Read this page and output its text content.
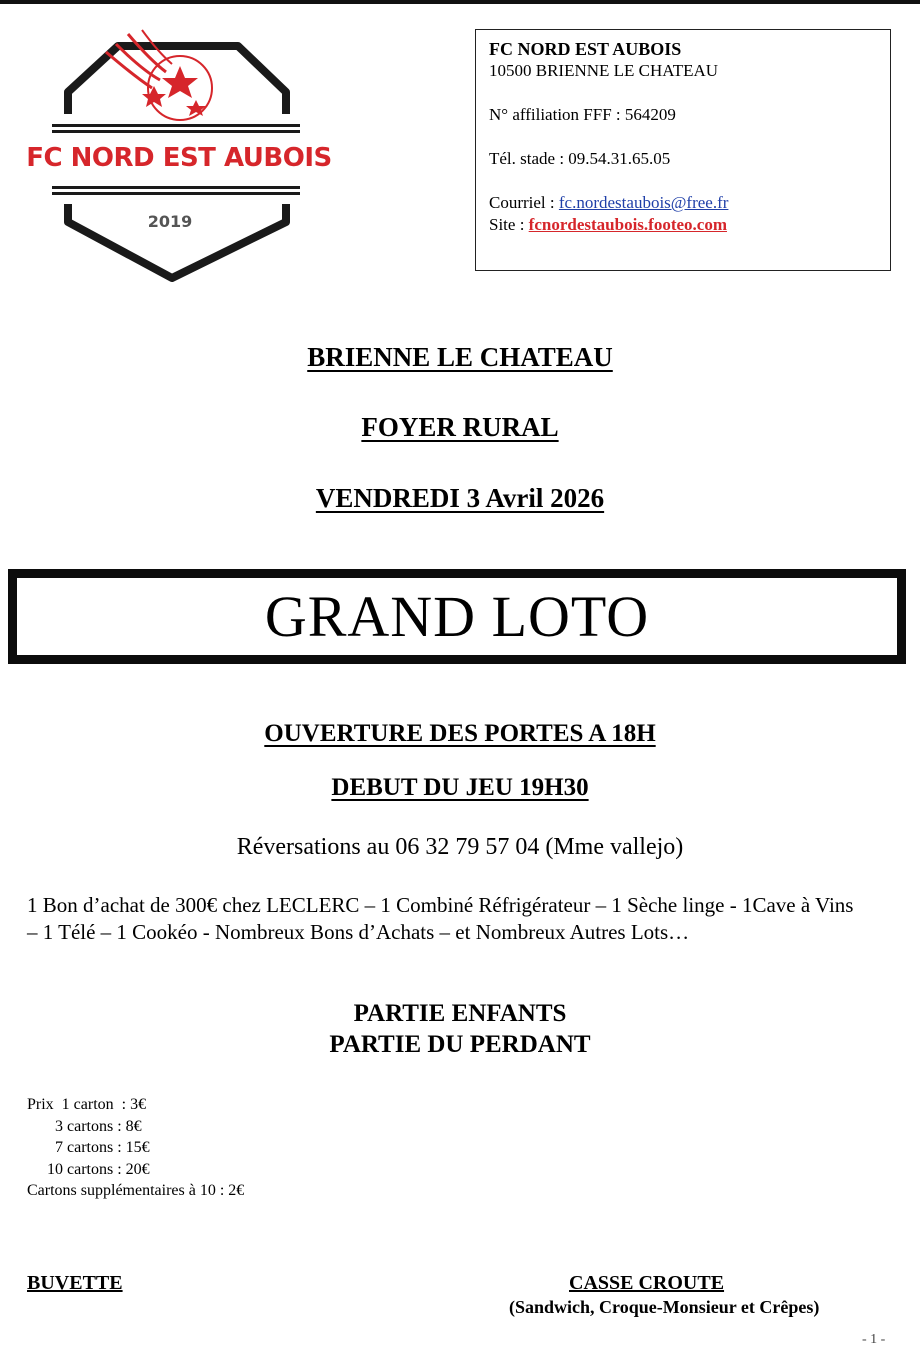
FC NORD EST AUBOIS
2019
FC NORD EST AUBOIS
10500 BRIENNE LE CHATEAU
N° affiliation FFF : 564209
Tél. stade : 09.54.31.65.05
Courriel : fc.nordestaubois@free.fr
Site : fcnordestaubois.footeo.com
BRIENNE LE CHATEAU
FOYER RURAL
VENDREDI 3 Avril 2026
GRAND LOTO
OUVERTURE DES PORTES A 18H
DEBUT DU JEU 19H30
Réversations au 06 32 79 57 04 (Mme vallejo)
1 Bon d’achat de 300€ chez LECLERC – 1 Combiné Réfrigérateur – 1 Sèche linge - 1Cave à Vins – 1 Télé – 1 Cookéo - Nombreux Bons d’Achats – et Nombreux Autres Lots…
PARTIE ENFANTS
PARTIE DU PERDANT
Prix  1 carton  : 3€
3 cartons : 8€
7 cartons : 15€
10 cartons : 20€
Cartons supplémentaires à 10 : 2€
BUVETTE	CASSE CROUTE
(Sandwich, Croque-Monsieur et Crêpes)
- 1 -
